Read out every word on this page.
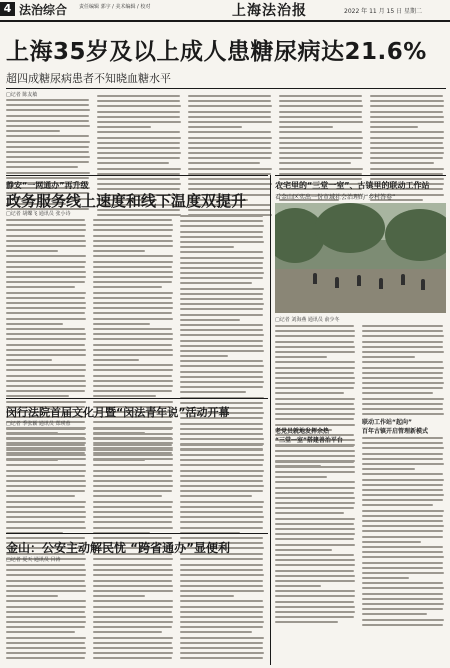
4 法治综合 责任编辑 郭宇 / 美术编辑 / 校对	上海法治报	2022 年 11 月 15 日 星期二
上海35岁及以上成人患糖尿病达21.6%
超四成糖尿病患者不知晓血糖水平
□记者 陈友敏
静安“一网通办”再升级
政务服务线上速度和线下温度双提升
□记者 胡蝶飞 通讯员 张小诗
闵行法院首届文化月暨“闵法青年说”活动开幕
□记者 季张颖 通讯员 郑瑛蓉
金山：公安主动解民忧 “跨省通办”显便利
□记者 夏天 通讯员 吕涛
农宅里的“三堂一室”、古镇里的联动工作站
看金山区实出一份市域社会治理的“乡村答卷”
□记者 刘海燕 通讯员 俞少冬
老党员就地发挥余热
“三堂一室”搭建善治平台
联动工作站“起向”
百年古镇开启管理新模式
